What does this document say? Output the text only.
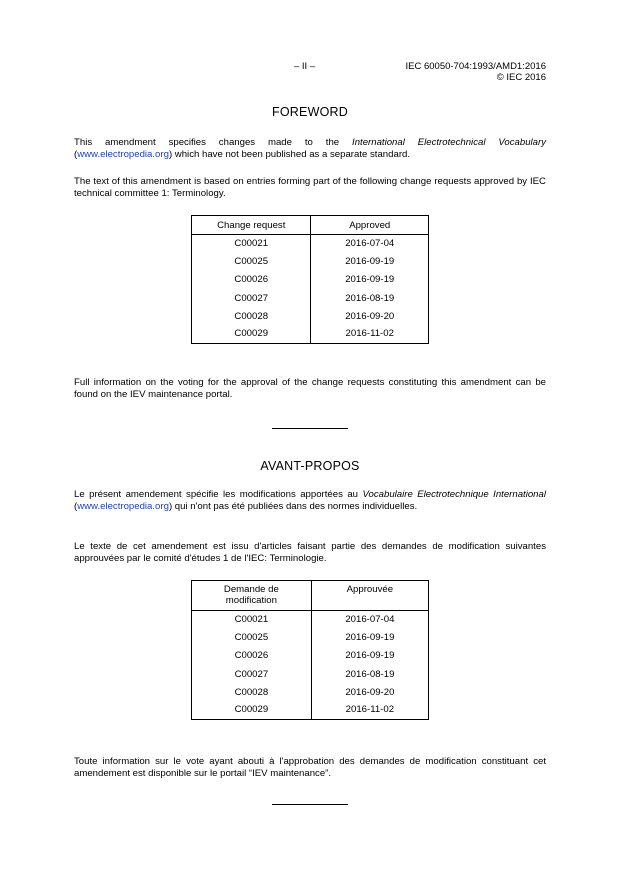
– II –	IEC 60050-704:1993/AMD1:2016
© IEC 2016
FOREWORD
This amendment specifies changes made to the International Electrotechnical Vocabulary (www.electropedia.org) which have not been published as a separate standard.
The text of this amendment is based on entries forming part of the following change requests approved by IEC technical committee 1: Terminology.
Change request	Approved
C00021	2016-07-04
C00025	2016-09-19
C00026	2016-09-19
C00027	2016-08-19
C00028	2016-09-20
C00029	2016-11-02
Full information on the voting for the approval of the change requests constituting this amendment can be found on the IEV maintenance portal.
AVANT-PROPOS
Le présent amendement spécifie les modifications apportées au Vocabulaire Electrotechnique International (www.electropedia.org) qui n'ont pas été publiées dans des normes individuelles.
Le texte de cet amendement est issu d'articles faisant partie des demandes de modification suivantes approuvées par le comité d'études 1 de l'IEC: Terminologie.
Demande de modification	Approuvée
C00021	2016-07-04
C00025	2016-09-19
C00026	2016-09-19
C00027	2016-08-19
C00028	2016-09-20
C00029	2016-11-02
Toute information sur le vote ayant abouti à l'approbation des demandes de modification constituant cet amendement est disponible sur le portail “IEV maintenance”.
